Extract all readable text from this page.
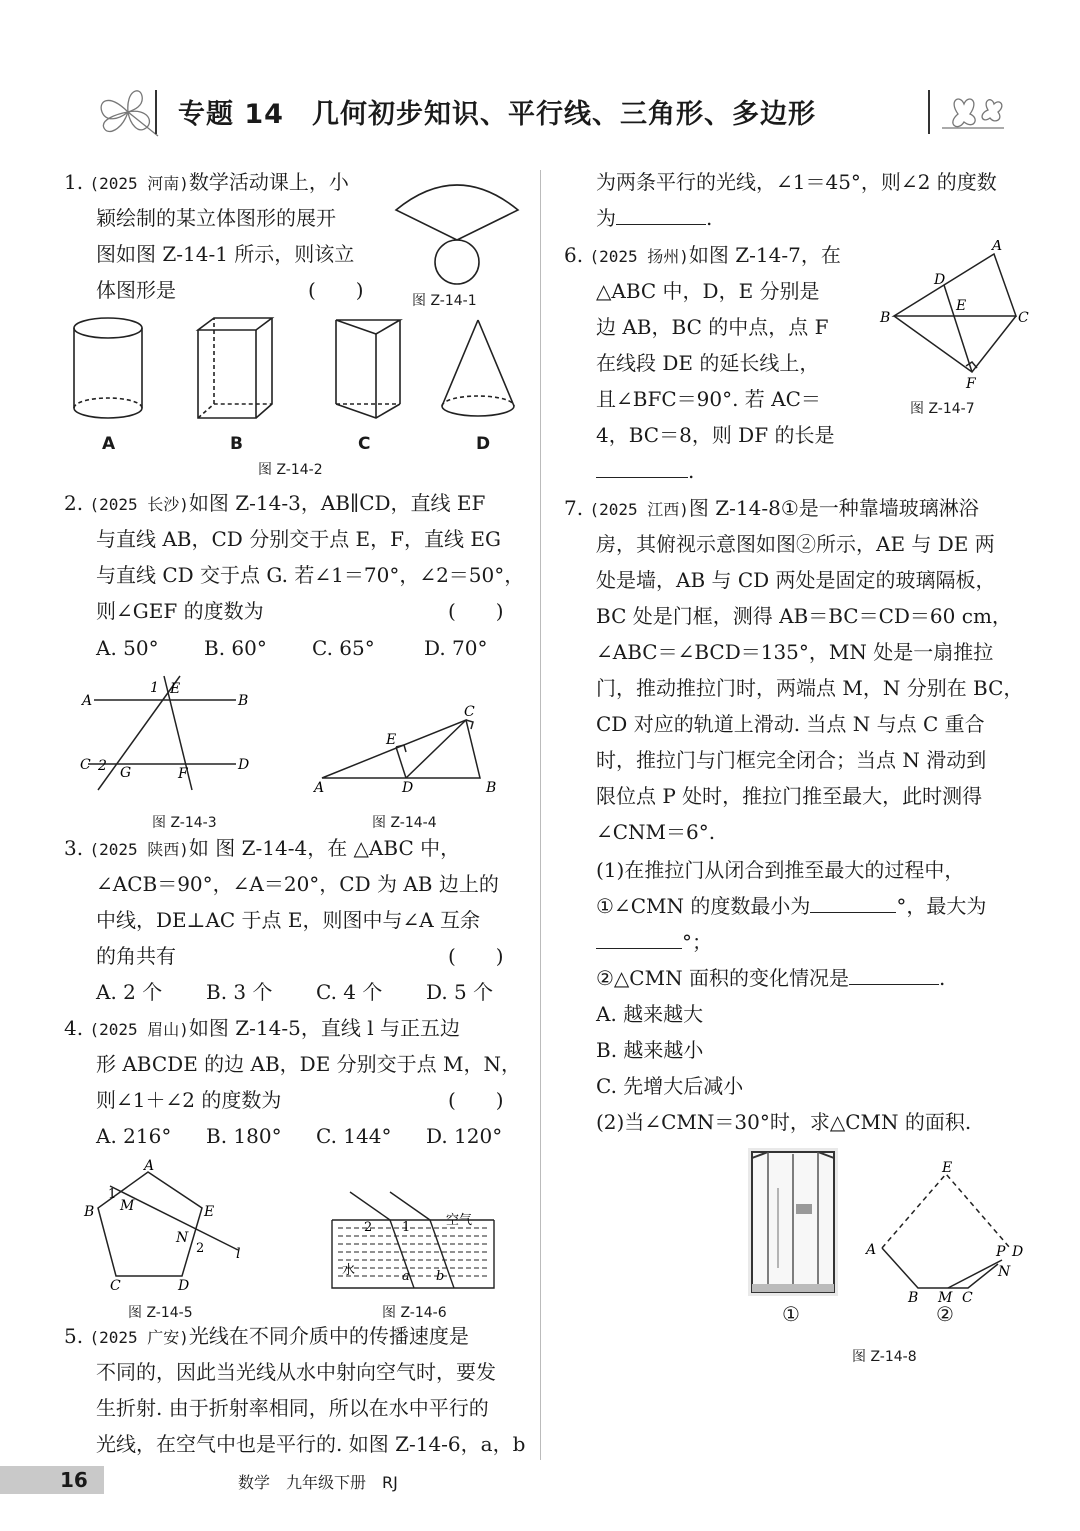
专题 14　几何初步知识、平行线、三角形、多边形
1. (2025 河南)数学活动课上，小
颖绘制的某立体图形的展开
图如图 Z-14-1 所示，则该立
体图形是	(　　)	图 Z-14-1
A	B	C	D
图 Z-14-2
2. (2025 长沙)如图 Z-14-3，AB∥CD，直线 EF
与直线 AB，CD 分别交于点 E，F，直线 EG
与直线 CD 交于点 G. 若∠1＝70°，∠2＝50°，
则∠GEF 的度数为	(　　)
A. 50° B. 60° C. 65° D. 70°
A	B
C	D
E
1
G
2	F
A	B
C
D
E
图 Z-14-3	图 Z-14-4
3. (2025 陕西)如 图 Z-14-4，在 △ABC 中，
∠ACB＝90°，∠A＝20°，CD 为 AB 边上的
中线，DE⊥AC 于点 E，则图中与∠A 互余
的角共有	(　　)
A. 2 个 B. 3 个 C. 4 个 D. 5 个
4. (2025 眉山)如图 Z-14-5，直线 l 与正五边
形 ABCDE 的边 AB，DE 分别交于点 M，N，
则∠1＋∠2 的度数为	(　　)
A. 216° B. 180° C. 144° D. 120°
A
B
C	D
E
M
N
l
1
2
2 1	空气
水	a b
图 Z-14-5	图 Z-14-6
5. (2025 广安)光线在不同介质中的传播速度是
不同的，因此当光线从水中射向空气时，要发
生折射. 由于折射率相同，所以在水中平行的
光线，在空气中也是平行的. 如图 Z-14-6，a，b
为两条平行的光线，∠1＝45°，则∠2 的度数
为	.
6. (2025 扬州)如图 Z-14-7，在
△ABC 中，D，E 分别是
边 AB，BC 的中点，点 F
在线段 DE 的延长线上，
且∠BFC＝90°. 若 AC＝
4，BC＝8，则 DF 的长是
.
A
B	C
D
E
F
图 Z-14-7
7. (2025 江西)图 Z-14-8①是一种靠墙玻璃淋浴
房，其俯视示意图如图②所示，AE 与 DE 两
处是墙，AB 与 CD 两处是固定的玻璃隔板，
BC 处是门框，测得 AB＝BC＝CD＝60 cm，
∠ABC＝∠BCD＝135°，MN 处是一扇推拉
门，推动推拉门时，两端点 M，N 分别在 BC，
CD 对应的轨道上滑动. 当点 N 与点 C 重合
时，推拉门与门框完全闭合；当点 N 滑动到
限位点 P 处时，推拉门推至最大，此时测得
∠CNM＝6°.
(1)在推拉门从闭合到推至最大的过程中，
①∠CMN 的度数最小为	°，最大为
°；
②△CMN 面积的变化情况是	.
A. 越来越大
B. 越来越小
C. 先增大后减小
(2)当∠CMN＝30°时，求△CMN 的面积.
①
E
A
B M C
P D
N
②
图 Z-14-8
16	数学　九年级下册　RJ
